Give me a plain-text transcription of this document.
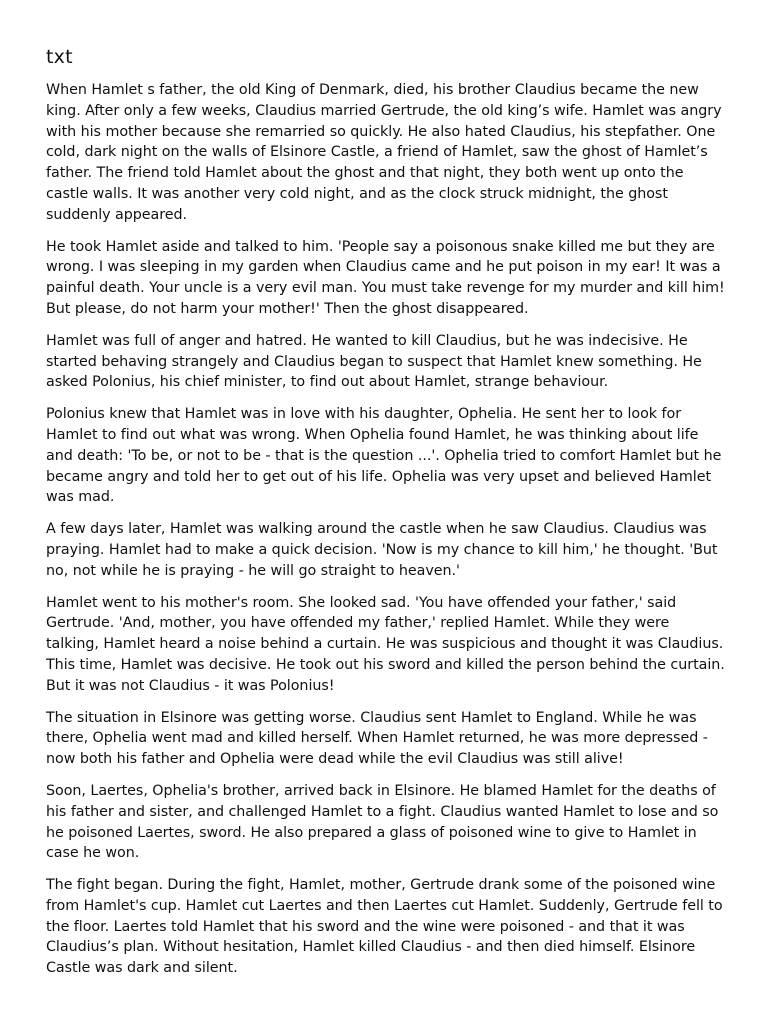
txt

When Hamlet s father, the old King of Denmark, died, his brother Claudius became the new king. After only a few weeks, Claudius married Gertrude, the old king’s wife. Hamlet was angry with his mother because she remarried so quickly. He also hated Claudius, his stepfather. One cold, dark night on the walls of Elsinore Castle, a friend of Hamlet, saw the ghost of Hamlet’s father. The friend told Hamlet about the ghost and that night, they both went up onto the castle walls. It was another very cold night, and as the clock struck midnight, the ghost suddenly appeared.

He took Hamlet aside and talked to him. 'People say a poisonous snake killed me but they are wrong. I was sleeping in my garden when Claudius came and he put poison in my ear! It was a painful death. Your uncle is a very evil man. You must take revenge for my murder and kill him! But please, do not harm your mother!' Then the ghost disappeared.

Hamlet was full of anger and hatred. He wanted to kill Claudius, but he was indecisive. He started behaving strangely and Claudius began to suspect that Hamlet knew something. He asked Polonius, his chief minister, to find out about Hamlet, strange behaviour.

Polonius knew that Hamlet was in love with his daughter, Ophelia. He sent her to look for Hamlet to find out what was wrong. When Ophelia found Hamlet, he was thinking about life and death: 'To be, or not to be - that is the question ...'. Ophelia tried to comfort Hamlet but he became angry and told her to get out of his life. Ophelia was very upset and believed Hamlet was mad.

A few days later, Hamlet was walking around the castle when he saw Claudius. Claudius was praying. Hamlet had to make a quick decision. 'Now is my chance to kill him,' he thought. 'But no, not while he is praying - he will go straight to heaven.'

Hamlet went to his mother's room. She looked sad. 'You have offended your father,' said Gertrude. 'And, mother, you have offended my father,' replied Hamlet. While they were talking, Hamlet heard a noise behind a curtain. He was suspicious and thought it was Claudius. This time, Hamlet was decisive. He took out his sword and killed the person behind the curtain. But it was not Claudius - it was Polonius!

The situation in Elsinore was getting worse. Claudius sent Hamlet to England. While he was there, Ophelia went mad and killed herself. When Hamlet returned, he was more depressed - now both his father and Ophelia were dead while the evil Claudius was still alive!

Soon, Laertes, Ophelia's brother, arrived back in Elsinore. He blamed Hamlet for the deaths of his father and sister, and challenged Hamlet to a fight. Claudius wanted Hamlet to lose and so he poisoned Laertes, sword. He also prepared a glass of poisoned wine to give to Hamlet in case he won.

The fight began. During the fight, Hamlet, mother, Gertrude drank some of the poisoned wine from Hamlet's cup. Hamlet cut Laertes and then Laertes cut Hamlet. Suddenly, Gertrude fell to the floor. Laertes told Hamlet that his sword and the wine were poisoned - and that it was Claudius’s plan. Without hesitation, Hamlet killed Claudius - and then died himself. Elsinore Castle was dark and silent.
